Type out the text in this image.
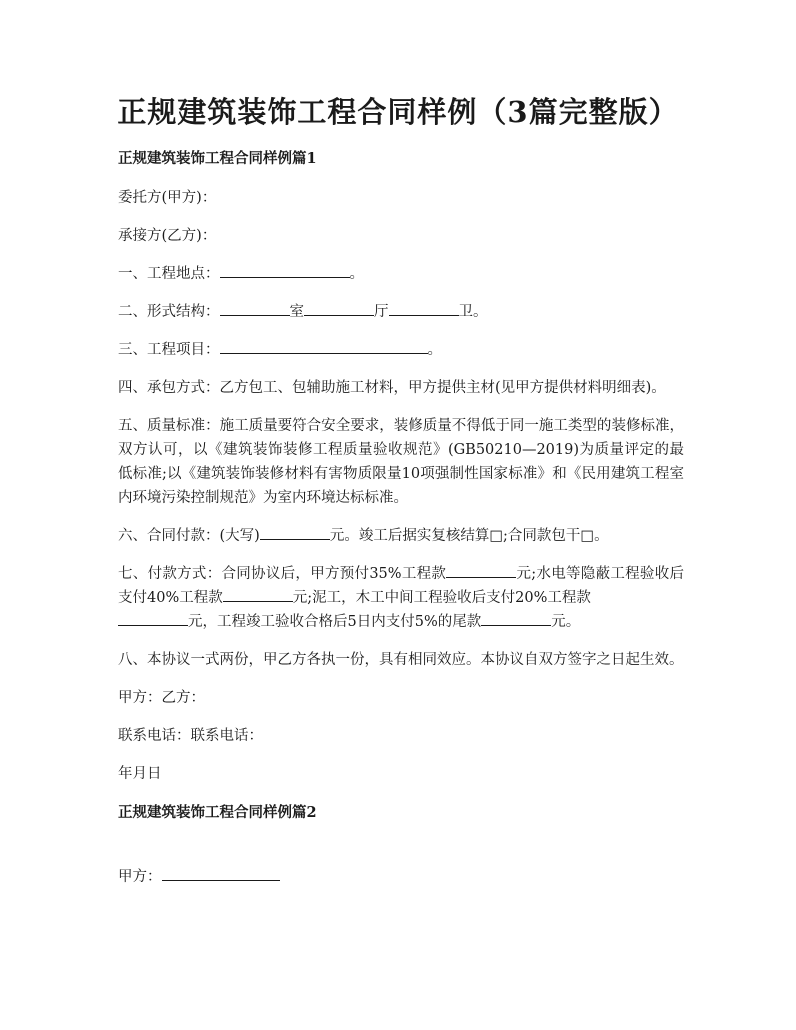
正规建筑装饰工程合同样例（3篇完整版）

正规建筑装饰工程合同样例篇1

委托方(甲方)：

承接方(乙方)：

一、工程地点：	。

二、形式结构：	室	厅	卫。

三、工程项目：	。

四、承包方式：乙方包工、包辅助施工材料，甲方提供主材(见甲方提供材料明细表)。

五、质量标准：施工质量要符合安全要求，装修质量不得低于同一施工类型的装修标准，双方认可，以《建筑装饰装修工程质量验收规范》(GB50210—2019)为质量评定的最低标准;以《建筑装饰装修材料有害物质限量10项强制性国家标准》和《民用建筑工程室内环境污染控制规范》为室内环境达标标准。

六、合同付款：(大写)	元。竣工后据实复核结算□;合同款包干□。

七、付款方式：合同协议后，甲方预付35%工程款	元;水电等隐蔽工程验收后支付40%工程款	元;泥工，木工中间工程验收后支付20%工程款
元，工程竣工验收合格后5日内支付5%的尾款	元。

八、本协议一式两份，甲乙方各执一份，具有相同效应。本协议自双方签字之日起生效。

甲方：乙方：

联系电话：联系电话：

年月日

正规建筑装饰工程合同样例篇2

甲方：
